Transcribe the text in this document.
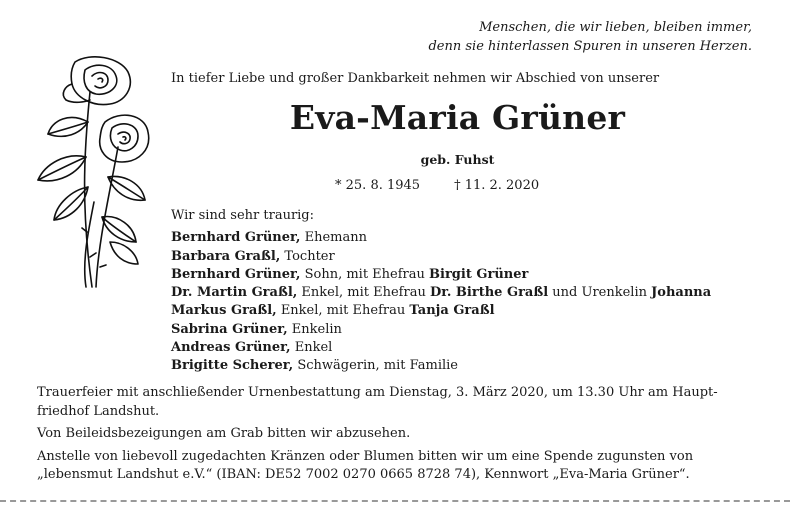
Menschen, die wir lieben, bleiben immer,
denn sie hinterlassen Spuren in unseren Herzen.
In tiefer Liebe und großer Dankbarkeit nehmen wir Abschied von unserer
Eva-Maria Grüner
geb. Fuhst
* 25. 8. 1945	† 11. 2. 2020
Wir sind sehr traurig:
Bernhard Grüner, Ehemann
Barbara Graßl, Tochter
Bernhard Grüner, Sohn, mit Ehefrau Birgit Grüner
Dr. Martin Graßl, Enkel, mit Ehefrau Dr. Birthe Graßl und Urenkelin Johanna
Markus Graßl, Enkel, mit Ehefrau Tanja Graßl
Sabrina Grüner, Enkelin
Andreas Grüner, Enkel
Brigitte Scherer, Schwägerin, mit Familie

Trauerfeier mit anschließender Urnenbestattung am Dienstag, 3. März 2020, um 13.30 Uhr am Haupt-
friedhof Landshut.

Von Beileidsbezeigungen am Grab bitten wir abzusehen.

Anstelle von liebevoll zugedachten Kränzen oder Blumen bitten wir um eine Spende zugunsten von
„lebensmut Landshut e.V.“ (IBAN: DE52 7002 0270 0665 8728 74), Kennwort „Eva-Maria Grüner“.
